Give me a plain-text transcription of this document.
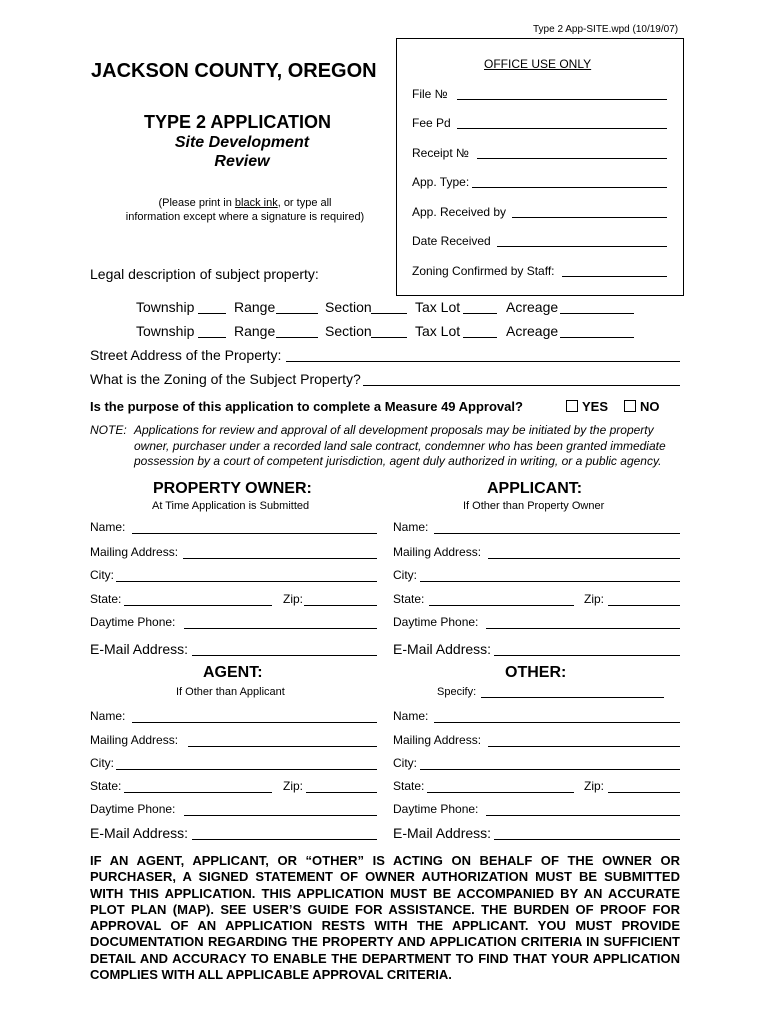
Type 2 App-SITE.wpd (10/19/07)
JACKSON COUNTY, OREGON
TYPE 2 APPLICATION
Site Development
Review
(Please print in black ink, or type all
information except where a signature is required)
OFFICE USE ONLY
File №
Fee Pd
Receipt №
App. Type:
App. Received by
Date Received
Zoning Confirmed by Staff:
Legal description of subject property:
Township	Range	Section	Tax Lot	Acreage
Township	Range	Section	Tax Lot	Acreage
Street Address of the Property:
What is the Zoning of the Subject Property?
Is the purpose of this application to complete a Measure 49 Approval?	YES	NO
NOTE: Applications for review and approval of all development proposals may be initiated by the property owner, purchaser under a recorded land sale contract, condemner who has been granted immediate possession by a court of competent jurisdiction, agent duly authorized in writing, or a public agency.
PROPERTY OWNER:
At Time Application is Submitted
APPLICANT:
If Other than Property Owner
Name:
Mailing Address:
City:
State:	Zip:
Daytime Phone:
E-Mail Address:
Name:
Mailing Address:
City:
State:	Zip:
Daytime Phone:
E-Mail Address:
AGENT:
If Other than Applicant
OTHER:
Specify:
Name:
Mailing Address:
City:
State:	Zip:
Daytime Phone:
E-Mail Address:
Name:
Mailing Address:
City:
State:	Zip:
Daytime Phone:
E-Mail Address:
IF AN AGENT, APPLICANT, OR “OTHER” IS ACTING ON BEHALF OF THE OWNER OR PURCHASER, A SIGNED STATEMENT OF OWNER AUTHORIZATION MUST BE SUBMITTED WITH THIS APPLICATION. THIS APPLICATION MUST BE ACCOMPANIED BY AN ACCURATE PLOT PLAN (MAP). SEE USER’S GUIDE FOR ASSISTANCE. THE BURDEN OF PROOF FOR APPROVAL OF AN APPLICATION RESTS WITH THE APPLICANT. YOU MUST PROVIDE DOCUMENTATION REGARDING THE PROPERTY AND APPLICATION CRITERIA IN SUFFICIENT DETAIL AND ACCURACY TO ENABLE THE DEPARTMENT TO FIND THAT YOUR APPLICATION COMPLIES WITH ALL APPLICABLE APPROVAL CRITERIA.
